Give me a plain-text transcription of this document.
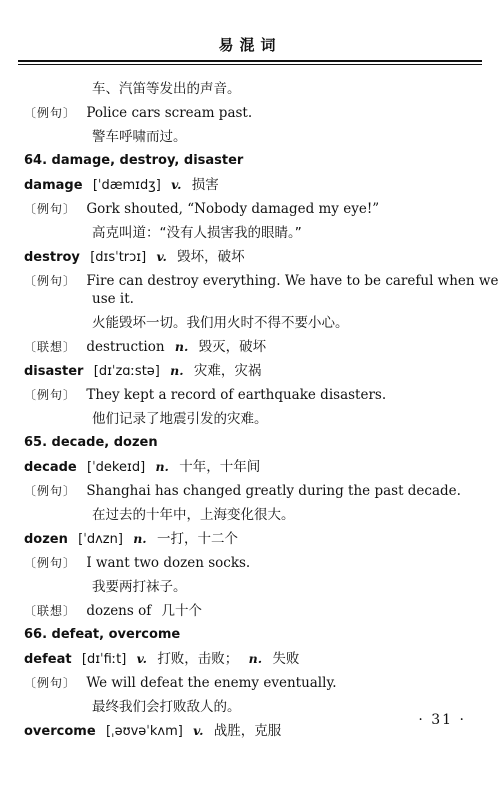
易混词
车、汽笛等发出的声音。
〔例句〕 Police cars scream past.
警车呼啸而过。
64. damage, destroy, disaster
damage [ˈdæmɪdʒ] v. 损害
〔例句〕 Gork shouted, “Nobody damaged my eye!”
高克叫道：“没有人损害我的眼睛。”
destroy [dɪsˈtrɔɪ] v. 毁坏，破坏
〔例句〕 Fire can destroy everything. We have to be careful when we
use it.
火能毁坏一切。我们用火时不得不要小心。
〔联想〕 destruction n. 毁灭，破坏
disaster [dɪˈzɑːstə] n. 灾难，灾祸
〔例句〕 They kept a record of earthquake disasters.
他们记录了地震引发的灾难。
65. decade, dozen
decade [ˈdekeɪd] n. 十年，十年间
〔例句〕 Shanghai has changed greatly during the past decade.
在过去的十年中，上海变化很大。
dozen [ˈdʌzn] n. 一打，十二个
〔例句〕 I want two dozen socks.
我要两打袜子。
〔联想〕 dozens of 几十个
66. defeat, overcome
defeat [dɪˈfiːt] v. 打败，击败； n. 失败
〔例句〕 We will defeat the enemy eventually.
最终我们会打败敌人的。
overcome [ˌəʊvəˈkʌm] v. 战胜，克服
· 31 ·
